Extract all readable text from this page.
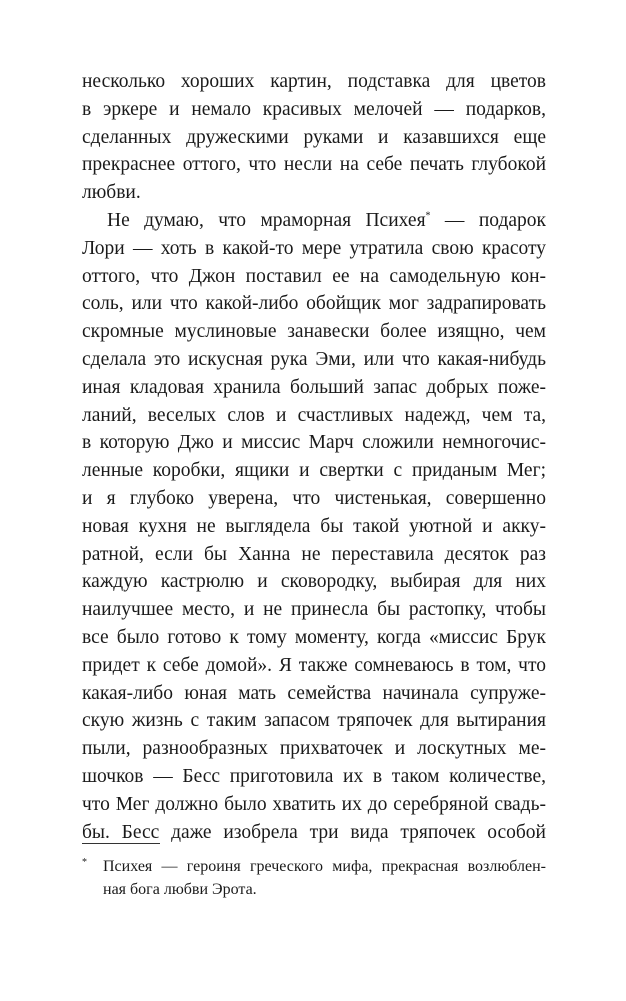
несколько хороших картин, подставка для цветов
в эркере и немало красивых мелочей — подарков,
сделанных дружескими руками и казавшихся еще
прекраснее оттого, что несли на себе печать глубокой
любви.
Не думаю, что мраморная Психея* — подарок
Лори — хоть в какой-то мере утратила свою красоту
оттого, что Джон поставил ее на самодельную кон-
соль, или что какой-либо обойщик мог задрапировать
скромные муслиновые занавески более изящно, чем
сделала это искусная рука Эми, или что какая-нибудь
иная кладовая хранила больший запас добрых поже-
ланий, веселых слов и счастливых надежд, чем та,
в которую Джо и миссис Марч сложили немногочис-
ленные коробки, ящики и свертки с приданым Мег;
и я глубоко уверена, что чистенькая, совершенно
новая кухня не выглядела бы такой уютной и акку-
ратной, если бы Ханна не переставила десяток раз
каждую кастрюлю и сковородку, выбирая для них
наилучшее место, и не принесла бы растопку, чтобы
все было готово к тому моменту, когда «миссис Брук
придет к себе домой». Я также сомневаюсь в том, что
какая-либо юная мать семейства начинала супруже-
скую жизнь с таким запасом тряпочек для вытирания
* Психея — героиня греческого мифа, прекрасная возлюблен-
ная бога любви Эрота.
пыли, разнообразных прихваточек и лоскутных ме-
шочков — Бесс приготовила их в таком количестве,
что Мег должно было хватить их до серебряной свадь-
бы. Бесс даже изобрела три вида тряпочек особой
